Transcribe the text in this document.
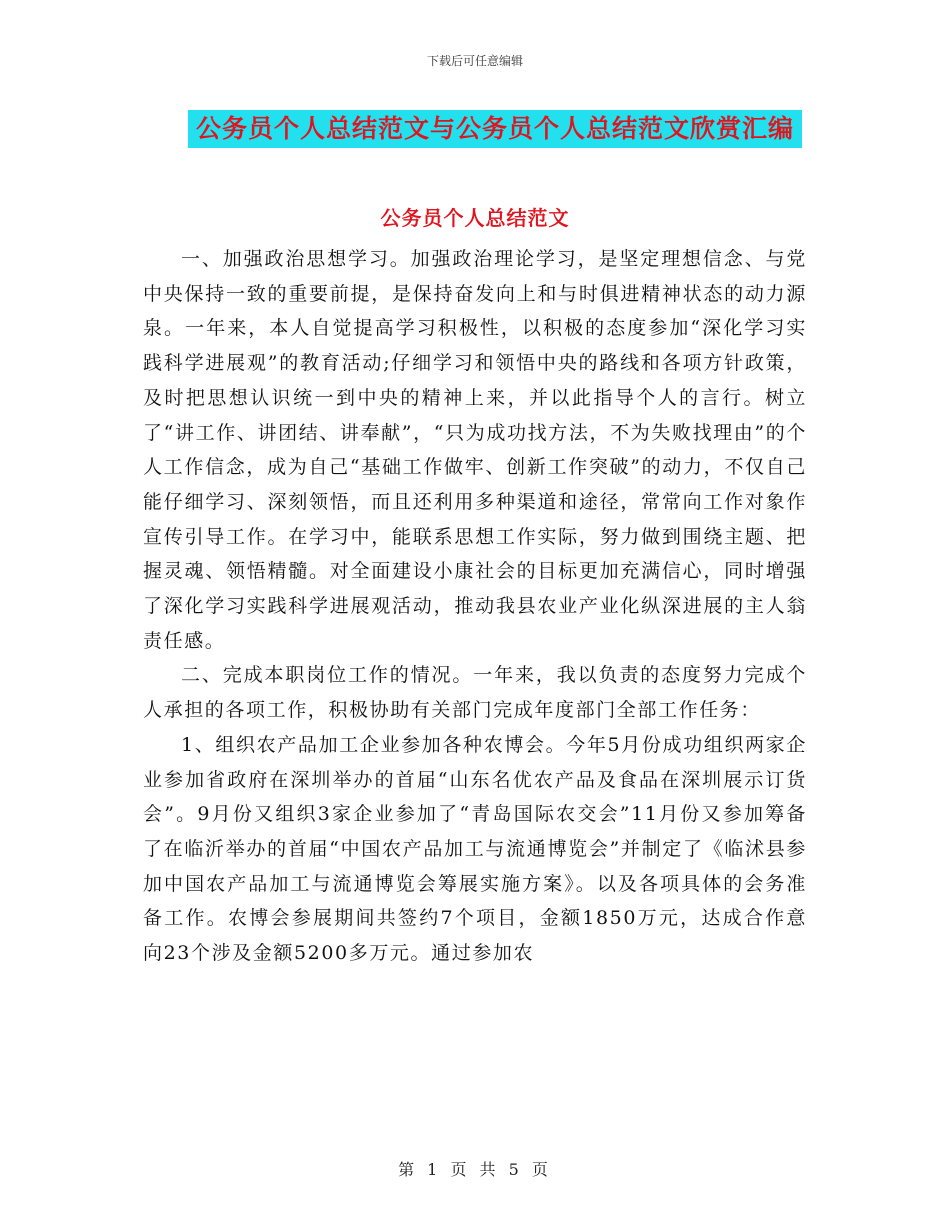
下载后可任意编辑
公务员个人总结范文与公务员个人总结范文欣赏汇编
公务员个人总结范文

一、加强政治思想学习。加强政治理论学习，是坚定理想信念、与党中央保持一致的重要前提，是保持奋发向上和与时俱进精神状态的动力源泉。一年来，本人自觉提高学习积极性，以积极的态度参加“深化学习实践科学进展观”的教育活动;仔细学习和领悟中央的路线和各项方针政策，及时把思想认识统一到中央的精神上来，并以此指导个人的言行。树立了“讲工作、讲团结、讲奉献”，“只为成功找方法，不为失败找理由”的个人工作信念，成为自己“基础工作做牢、创新工作突破”的动力，不仅自己能仔细学习、深刻领悟，而且还利用多种渠道和途径，常常向工作对象作宣传引导工作。在学习中，能联系思想工作实际，努力做到围绕主题、把握灵魂、领悟精髓。对全面建设小康社会的目标更加充满信心，同时增强了深化学习实践科学进展观活动，推动我县农业产业化纵深进展的主人翁责任感。

二、完成本职岗位工作的情况。一年来，我以负责的态度努力完成个人承担的各项工作，积极协助有关部门完成年度部门全部工作任务：

1、组织农产品加工企业参加各种农博会。今年5月份成功组织两家企业参加省政府在深圳举办的首届“山东名优农产品及食品在深圳展示订货会”。9月份又组织3家企业参加了“青岛国际农交会”11月份又参加筹备了在临沂举办的首届“中国农产品加工与流通博览会”并制定了《临沭县参加中国农产品加工与流通博览会筹展实施方案》。以及各项具体的会务准备工作。农博会参展期间共签约7个项目，金额1850万元，达成合作意向23个涉及金额5200多万元。通过参加农

第 1 页 共 5 页
